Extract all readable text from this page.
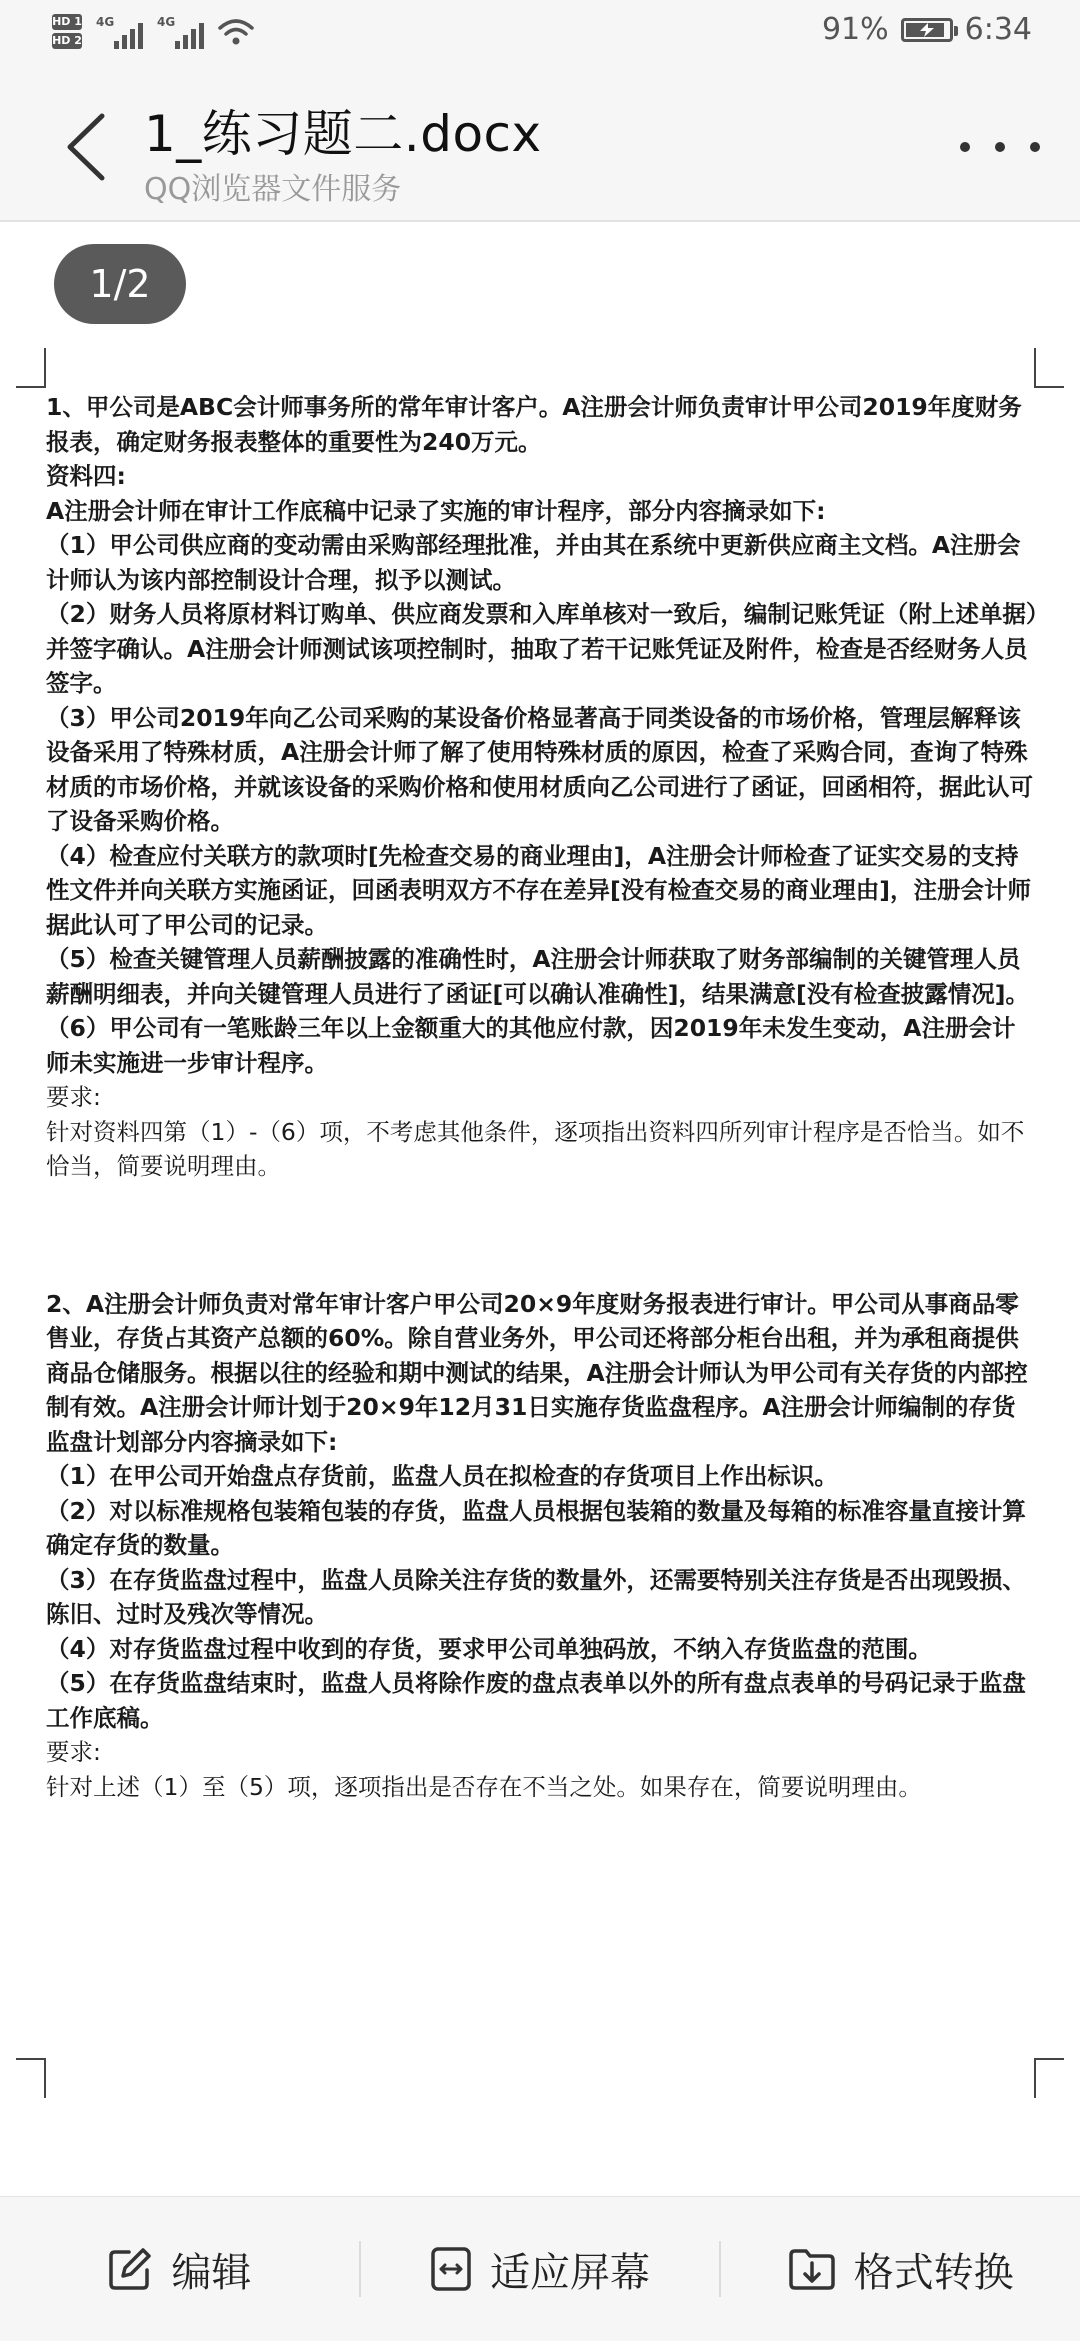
HD 1
HD 2
4G	4G	91%	6:34
1_练习题二.docx
QQ浏览器文件服务
1/2

1、甲公司是ABC会计师事务所的常年审计客户。A注册会计师负责审计甲公司2019年度财务报表，确定财务报表整体的重要性为240万元。

资料四:

A注册会计师在审计工作底稿中记录了实施的审计程序，部分内容摘录如下:

（1）甲公司供应商的变动需由采购部经理批准，并由其在系统中更新供应商主文档。A注册会计师认为该内部控制设计合理，拟予以测试。

（2）财务人员将原材料订购单、供应商发票和入库单核对一致后，编制记账凭证（附上述单据）并签字确认。A注册会计师测试该项控制时，抽取了若干记账凭证及附件，检查是否经财务人员签字。

（3）甲公司2019年向乙公司采购的某设备价格显著高于同类设备的市场价格，管理层解释该设备采用了特殊材质，A注册会计师了解了使用特殊材质的原因，检查了采购合同，查询了特殊材质的市场价格，并就该设备的采购价格和使用材质向乙公司进行了函证，回函相符，据此认可了设备采购价格。

（4）检查应付关联方的款项时[先检查交易的商业理由]，A注册会计师检查了证实交易的支持性文件并向关联方实施函证，回函表明双方不存在差异[没有检查交易的商业理由]，注册会计师据此认可了甲公司的记录。

（5）检查关键管理人员薪酬披露的准确性时，A注册会计师获取了财务部编制的关键管理人员薪酬明细表，并向关键管理人员进行了函证[可以确认准确性]，结果满意[没有检查披露情况]。

（6）甲公司有一笔账龄三年以上金额重大的其他应付款，因2019年未发生变动，A注册会计师未实施进一步审计程序。

要求:

针对资料四第（1）-（6）项，不考虑其他条件，逐项指出资料四所列审计程序是否恰当。如不恰当，简要说明理由。

2、A注册会计师负责对常年审计客户甲公司20×9年度财务报表进行审计。甲公司从事商品零售业，存货占其资产总额的60%。除自营业务外，甲公司还将部分柜台出租，并为承租商提供商品仓储服务。根据以往的经验和期中测试的结果，A注册会计师认为甲公司有关存货的内部控制有效。A注册会计师计划于20×9年12月31日实施存货监盘程序。A注册会计师编制的存货监盘计划部分内容摘录如下:

（1）在甲公司开始盘点存货前，监盘人员在拟检查的存货项目上作出标识。

（2）对以标准规格包装箱包装的存货，监盘人员根据包装箱的数量及每箱的标准容量直接计算确定存货的数量。

（3）在存货监盘过程中，监盘人员除关注存货的数量外，还需要特别关注存货是否出现毁损、陈旧、过时及残次等情况。

（4）对存货监盘过程中收到的存货，要求甲公司单独码放，不纳入存货监盘的范围。

（5）在存货监盘结束时，监盘人员将除作废的盘点表单以外的所有盘点表单的号码记录于监盘工作底稿。

要求:

针对上述（1）至（5）项，逐项指出是否存在不当之处。如果存在，简要说明理由。

编辑	适应屏幕	格式转换
